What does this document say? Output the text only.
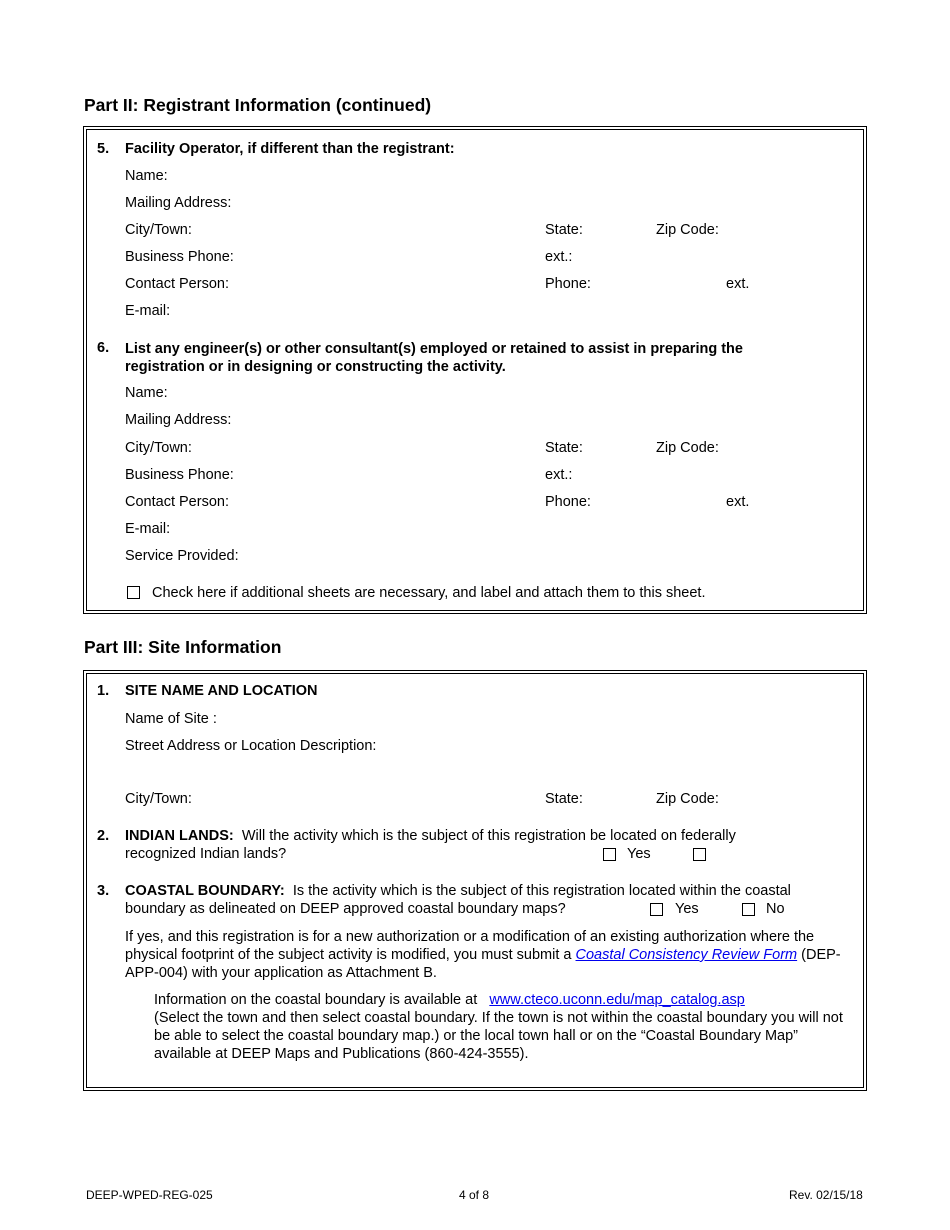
Part II: Registrant Information (continued)
5. Facility Operator, if different than the registrant:
Name:
Mailing Address:
City/Town:	State:	Zip Code:
Business Phone:	ext.:
Contact Person:	Phone:	ext.
E-mail:
6. List any engineer(s) or other consultant(s) employed or retained to assist in preparing the registration or in designing or constructing the activity.
Name:
Mailing Address:
City/Town:	State:	Zip Code:
Business Phone:	ext.:
Contact Person:	Phone:	ext.
E-mail:
Service Provided:
Check here if additional sheets are necessary, and label and attach them to this sheet.
Part III: Site Information
1. SITE NAME AND LOCATION
Name of Site :
Street Address or Location Description:
City/Town:	State:	Zip Code:
2. INDIAN LANDS: Will the activity which is the subject of this registration be located on federally
recognized Indian lands?	Yes
3. COASTAL BOUNDARY: Is the activity which is the subject of this registration located within the coastal
boundary as delineated on DEEP approved coastal boundary maps?	Yes	No
If yes, and this registration is for a new authorization or a modification of an existing authorization where the physical footprint of the subject activity is modified, you must submit a Coastal Consistency Review Form (DEP-APP-004) with your application as Attachment B.
Information on the coastal boundary is available at www.cteco.uconn.edu/map_catalog.asp
(Select the town and then select coastal boundary. If the town is not within the coastal boundary you will not be able to select the coastal boundary map.) or the local town hall or on the “Coastal Boundary Map” available at DEEP Maps and Publications (860-424-3555).
DEEP-WPED-REG-025	4 of 8	Rev. 02/15/18
